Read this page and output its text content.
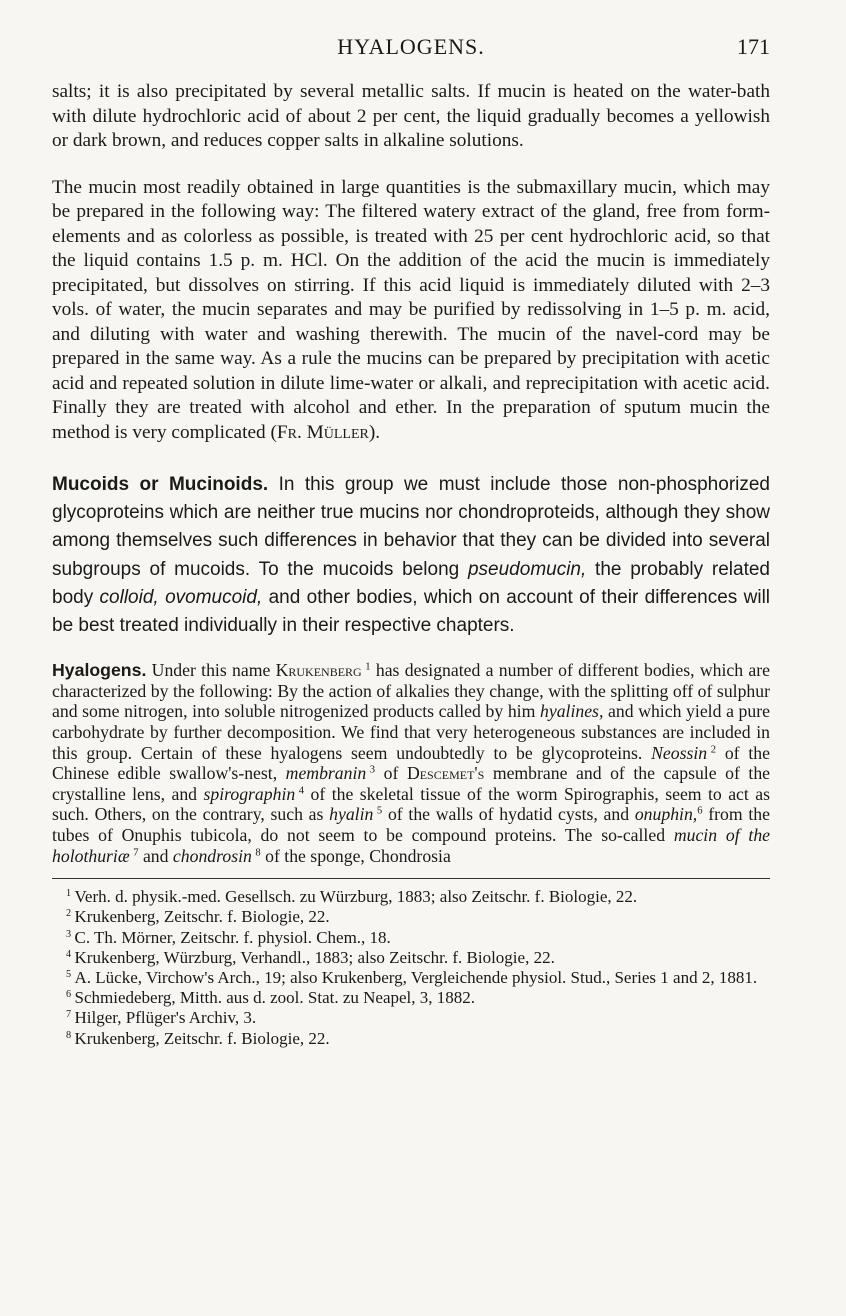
HYALOGENS.	171

salts; it is also precipitated by several metallic salts. If mucin is heated on the water-bath with dilute hydrochloric acid of about 2 per cent, the liquid gradually becomes a yellowish or dark brown, and reduces copper salts in alkaline solutions.

The mucin most readily obtained in large quantities is the submaxillary mucin, which may be prepared in the following way: The filtered watery extract of the gland, free from form-elements and as colorless as possible, is treated with 25 per cent hydrochloric acid, so that the liquid contains 1.5 p. m. HCl. On the addition of the acid the mucin is immediately precipitated, but dissolves on stirring. If this acid liquid is immediately diluted with 2–3 vols. of water, the mucin separates and may be purified by redissolving in 1–5 p. m. acid, and diluting with water and washing therewith. The mucin of the navel-cord may be prepared in the same way. As a rule the mucins can be prepared by precipitation with acetic acid and repeated solution in dilute lime-water or alkali, and reprecipitation with acetic acid. Finally they are treated with alcohol and ether. In the preparation of sputum mucin the method is very complicated (Fr. Müller).

Mucoids or Mucinoids. In this group we must include those non-phosphorized glycoproteins which are neither true mucins nor chondroproteids, although they show among themselves such differences in behavior that they can be divided into several subgroups of mucoids. To the mucoids belong pseudomucin, the probably related body colloid, ovomucoid, and other bodies, which on account of their differences will be best treated individually in their respective chapters.

Hyalogens. Under this name Krukenberg  $^1$ has designated a number of different bodies, which are characterized by the following: By the action of alkalies they change, with the splitting off of sulphur and some nitrogen, into soluble nitrogenized products called by him hyalines, and which yield a pure carbohydrate by further decomposition. We find that very heterogeneous substances are included in this group. Certain of these hyalogens seem undoubtedly to be glycoproteins. Neossin  $^2$ of the Chinese edible swallow's-nest, membranin  $^3$ of Descemet's membrane and of the capsule of the crystalline lens, and spirographin  $^4$ of the skeletal tissue of the worm Spirographis, seem to act as such. Others, on the contrary, such as hyalin  $^5$ of the walls of hydatid cysts, and onuphin,$^6$ from the tubes of Onuphis tubicola, do not seem to be compound proteins. The so-called mucin of the holothuriæ  $^7$ and chondrosin  $^8$ of the sponge, Chondrosia

$^1$  Verh. d. physik.-med. Gesellsch. zu Würzburg, 1883; also Zeitschr. f. Biologie, 22.

$^2$  Krukenberg, Zeitschr. f. Biologie, 22.

$^3$  C. Th. Mörner, Zeitschr. f. physiol. Chem., 18.

$^4$  Krukenberg, Würzburg, Verhandl., 1883; also Zeitschr. f. Biologie, 22.

$^5$  A. Lücke, Virchow's Arch., 19; also Krukenberg, Vergleichende physiol. Stud., Series 1 and 2, 1881.

$^6$  Schmiedeberg, Mitth. aus d. zool. Stat. zu Neapel, 3, 1882.

$^7$  Hilger, Pflüger's Archiv, 3.

$^8$  Krukenberg, Zeitschr. f. Biologie, 22.
